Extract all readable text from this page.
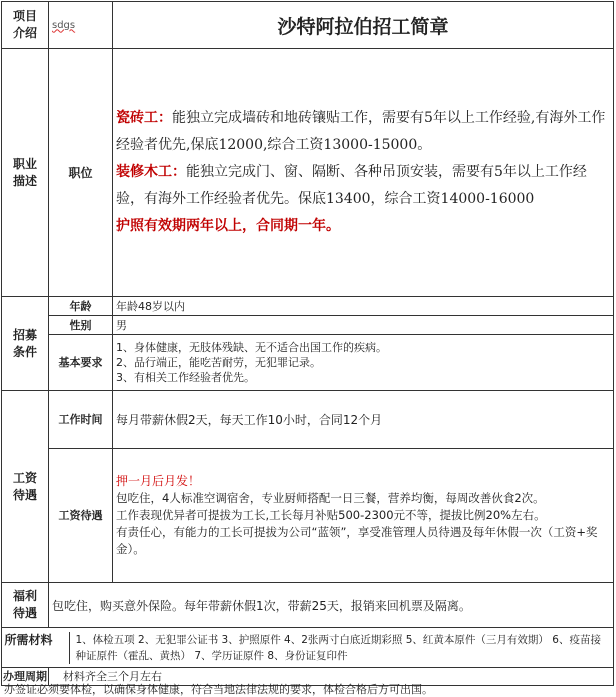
项目
介绍	sdgs	沙特阿拉伯招工简章
职业
描述	职位	瓷砖工：能独立完成墙砖和地砖镶贴工作，需要有5年以上工作经验,有海外工作经验者优先,保底12000,综合工资13000-15000。
装修木工：能独立完成门、窗、隔断、各种吊顶安装，需要有5年以上工作经验，有海外工作经验者优先。保底13400，综合工资14000-16000
护照有效期两年以上，合同期一年。
招募
条件	年龄	年龄48岁以内
	性别	男
	基本要求	1、身体健康，无肢体残缺、无不适合出国工作的疾病。
2、品行端正，能吃苦耐劳，无犯罪记录。
3、有相关工作经验者优先。

工资
待遇	工作时间	每月带薪休假2天，每天工作10小时，合同12个月
	工资待遇	押一月后月发！
包吃住，4人标准空调宿舍，专业厨师搭配一日三餐，营养均衡，每周改善伙食2次。
工作表现优异者可提拔为工长,工长每月补贴500-2300元不等，提拔比例20%左右。
有责任心，有能力的工长可提拔为公司“蓝领”，享受准管理人员待遇及每年休假一次（工资+奖金）。

福利
待遇	包吃住，购买意外保险。每年带薪休假1次，带薪25天，报销来回机票及隔离。	

	所需材料 1、体检五项 2、无犯罪公证书 3、护照原件 4、2张两寸白底近期彩照 5、红黄本原件（三月有效期） 6、疫苗接种证原件（霍乱、黄热） 7、学历证原件 8、身份证复印件	

办理周期	材料齐全三个月左右	
办签证必须要体检，以确保身体健康，符合当地法律法规的要求，体检合格后方可出国。
